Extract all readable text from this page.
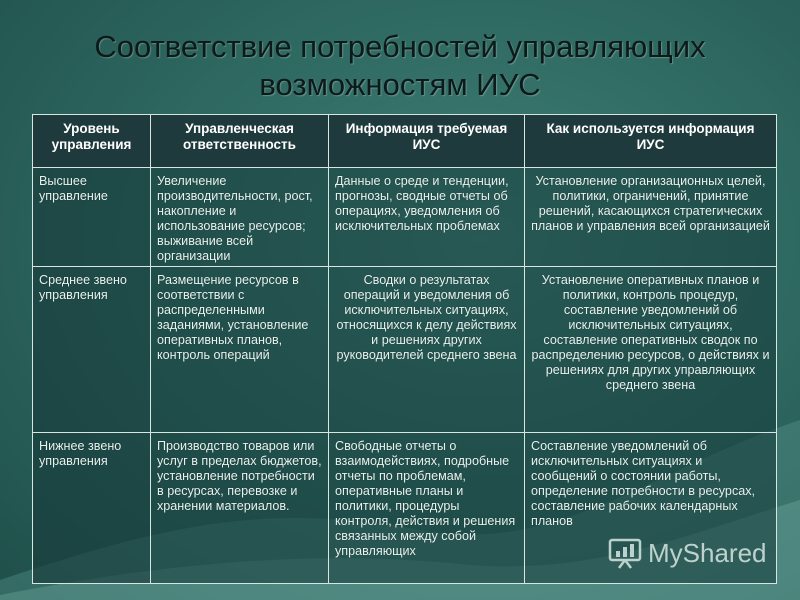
Соответствие потребностей управляющих
возможностям ИУС
Уровень управления	Управленческая ответственность	Информация требуемая ИУС	Как используется информация ИУС

Высшее управление	Увеличение производительности, рост, накопление и использование ресурсов; выживание всей организации	Данные о среде и тенденции, прогнозы, сводные отчеты об операциях, уведомления об исключительных проблемах	Установление организационных целей, политики, ограничений, принятие решений, касающихся стратегических планов и управления всей организацией

Среднее звено управления	Размещение ресурсов в соответствии с распределенными заданиями, установление оперативных планов, контроль операций	Сводки о результатах операций и уведомления об исключительных ситуациях, относящихся к делу действиях и решениях других руководителей среднего звена	Установление оперативных планов и политики, контроль процедур, составление уведомлений об исключительных ситуациях, составление оперативных сводок по распределению ресурсов, о действиях и решениях для других управляющих среднего звена

Нижнее звено управления	Производство товаров или услуг в пределах бюджетов, установление потребности в ресурсах, перевозке и хранении материалов.	Свободные отчеты о взаимодействиях, подробные отчеты по проблемам, оперативные планы и политики, процедуры контроля, действия и решения связанных между собой управляющих	Составление уведомлений об исключительных ситуациях и сообщений о состоянии работы, определение потребности в ресурсах, составление рабочих календарных планов
MyShared
